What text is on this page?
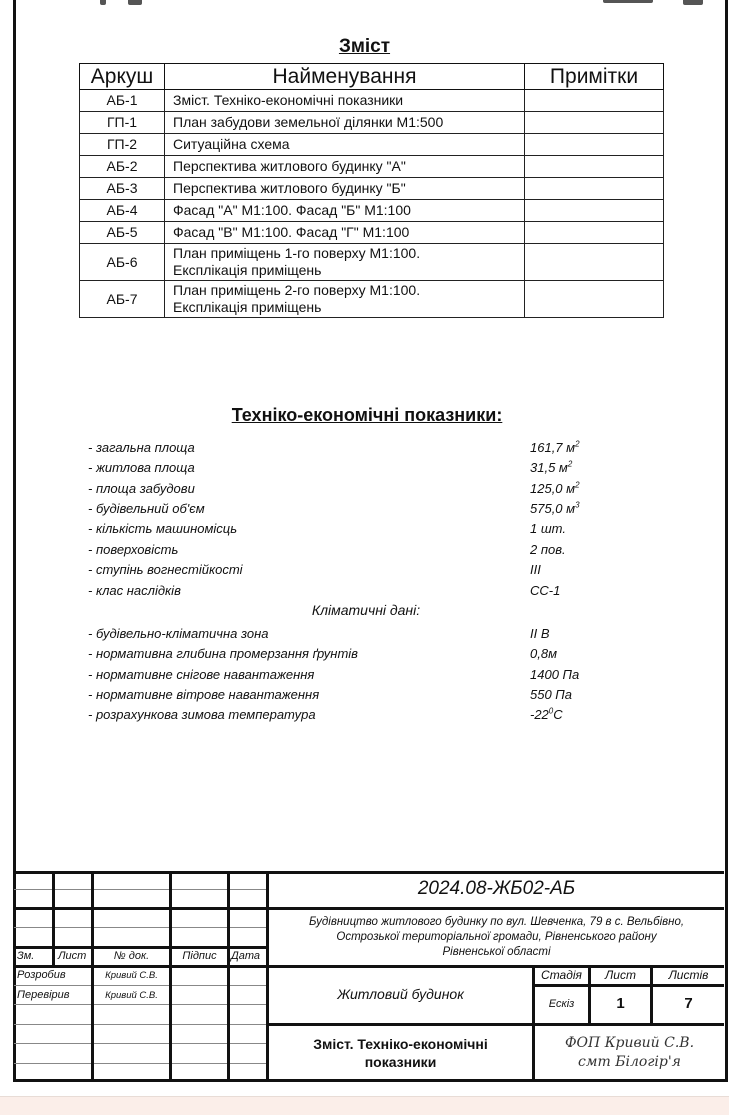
Зміст
Аркуш	Найменування	Примітки
АБ-1	Зміст. Техніко-економічні показники	
ГП-1	План забудови земельної ділянки М1:500	
ГП-2	Ситуаційна схема	
АБ-2	Перспектива житлового будинку "А"	
АБ-3	Перспектива житлового будинку "Б"	
АБ-4	Фасад "А" М1:100. Фасад "Б" М1:100	
АБ-5	Фасад "В" М1:100. Фасад "Г" М1:100	
АБ-6	План приміщень 1-го поверху М1:100.
Експлікація приміщень	

АБ-7	План приміщень 2-го поверху М1:100.
Експлікація приміщень	

Техніко-економічні показники:
- загальна площа	161,7 $м^2$
- житлова площа	31,5 $м^2$
- площа забудови	125,0 $м^2$
- будівельний об'єм	575,0 $м^3$
- кількість машиномісць	1 шт.
- поверховість	2 пов.
- ступінь вогнестійкості	III
- клас наслідків	СС-1
Кліматичні дані:
- будівельно-кліматична зона	II В
- нормативна глибина промерзання ґрунтів	0,8м
- нормативне снігове навантаження	1400 Па
- нормативне вітрове навантаження	550 Па
- розрахункова зимова температура	$-22^0С$
Зм.	Лист	№ док.	Підпис	Дата
Розробив	Кривий С.В.
Перевірив	Кривий С.В.
2024.08-ЖБ02-АБ
Будівництво житлового будинку по вул. Шевченка, 79 в с. Вельбівно,
Острозької територіальної громади, Рівненського району
Рівненської області
Житловий будинок
Стадія	Лист	Листів
Ескіз	1	7
Зміст. Техніко-економічні
показники
ФОП Кривий С.В.
смт Білогір'я
